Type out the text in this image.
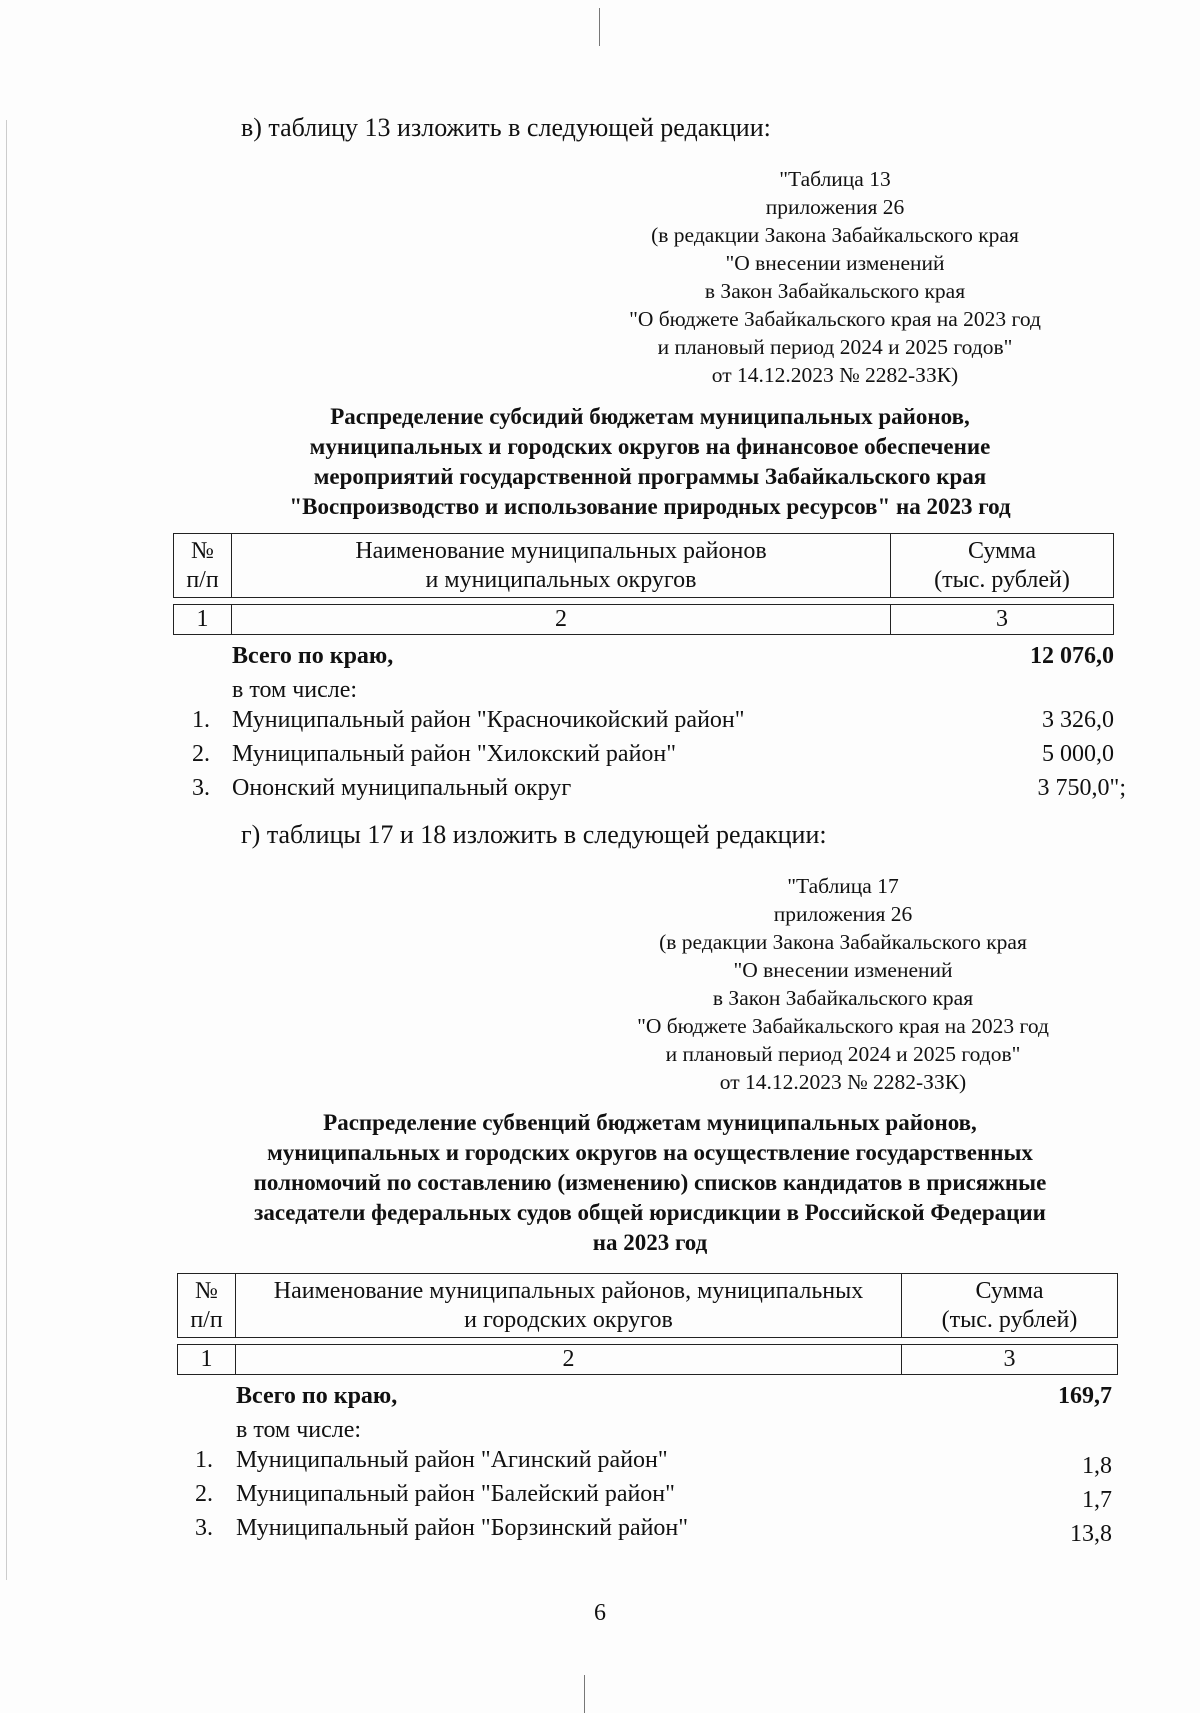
в) таблицу 13 изложить в следующей редакции:
"Таблица 13
приложения 26
(в редакции Закона Забайкальского края
"О внесении изменений
в Закон Забайкальского края
"О бюджете Забайкальского края на 2023 год
и плановый период 2024 и 2025 годов"
от 14.12.2023 № 2282-ЗЗК)
Распределение субсидий бюджетам муниципальных районов,
муниципальных и городских округов на финансовое обеспечение
мероприятий государственной программы Забайкальского края
"Воспроизводство и использование природных ресурсов" на 2023 год
№
п/п

Наименование муниципальных районов
и муниципальных округов

Сумма
(тыс. рублей)
1	2	3
Всего по краю,	12 076,0
в том числе:
1. Муниципальный район "Красночикойский район"	3 326,0
2. Муниципальный район "Хилокский район"	5 000,0
3. Ононский муниципальный округ	3 750,0";
г) таблицы 17 и 18 изложить в следующей редакции:
"Таблица 17
приложения 26
(в редакции Закона Забайкальского края
"О внесении изменений
в Закон Забайкальского края
"О бюджете Забайкальского края на 2023 год
и плановый период 2024 и 2025 годов"
от 14.12.2023 № 2282-ЗЗК)
Распределение субвенций бюджетам муниципальных районов,
муниципальных и городских округов на осуществление государственных
полномочий по составлению (изменению) списков кандидатов в присяжные
заседатели федеральных судов общей юрисдикции в Российской Федерации
на 2023 год
№
п/п

Наименование муниципальных районов, муниципальных
и городских округов

Сумма
(тыс. рублей)
1	2	3
Всего по краю,	169,7
в том числе:
1. Муниципальный район "Агинский район"	1,8
2. Муниципальный район "Балейский район"	1,7
3. Муниципальный район "Борзинский район"	13,8
6
